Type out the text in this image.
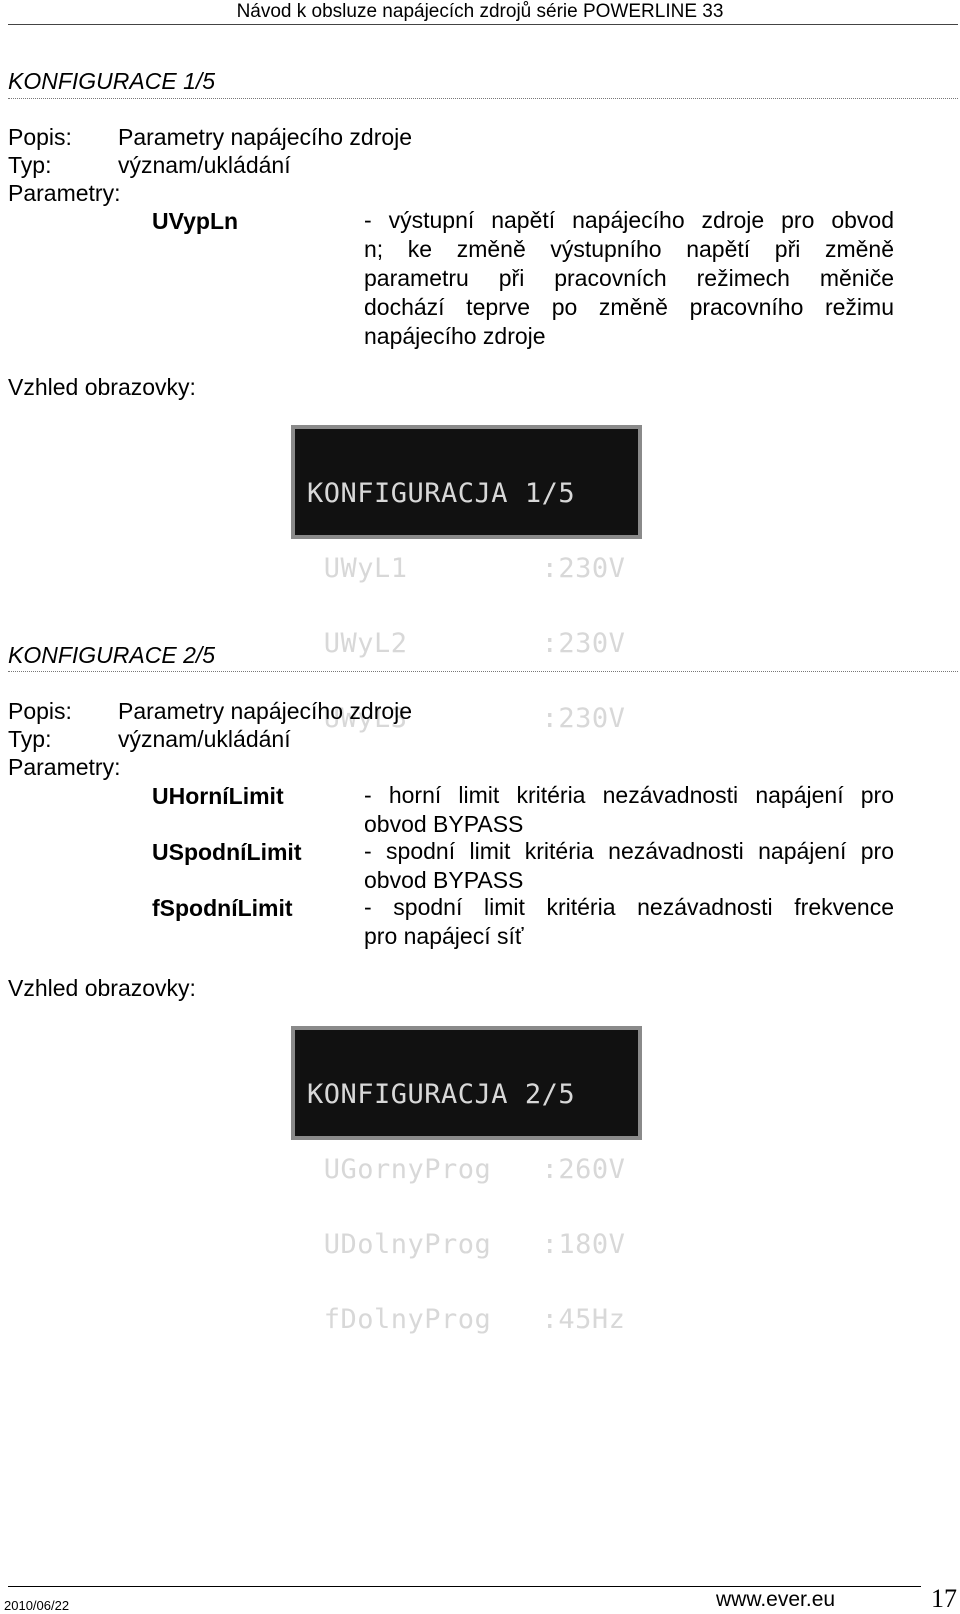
Návod k obsluze napájecích zdrojů série POWERLINE 33
KONFIGURACE 1/5
Popis: Parametry napájecího zdroje
Typ:	význam/ukládání
Parametry:
UVypLn	- výstupní napětí napájecího zdroje pro obvod
n; ke změně výstupního napětí při změně
parametru při pracovních režimech měniče
dochází teprve po změně pracovního režimu
napájecího zdroje
Vzhled obrazovky:

KONFIGURACJA 1/5

UWyL1        :230V

UWyL2        :230V

UWyL3        :230V

KONFIGURACE 2/5
Popis: Parametry napájecího zdroje
Typ:	význam/ukládání
Parametry:
UHorníLimit	- horní limit kritéria nezávadnosti napájení pro
obvod BYPASS
USpodníLimit	- spodní limit kritéria nezávadnosti napájení pro
obvod BYPASS
fSpodníLimit	- spodní limit kritéria nezávadnosti frekvence
pro napájecí síť
Vzhled obrazovky:

KONFIGURACJA 2/5

UGornyProg   :260V

UDolnyProg   :180V

fDolnyProg   :45Hz

2010/06/22	www.ever.eu	17
